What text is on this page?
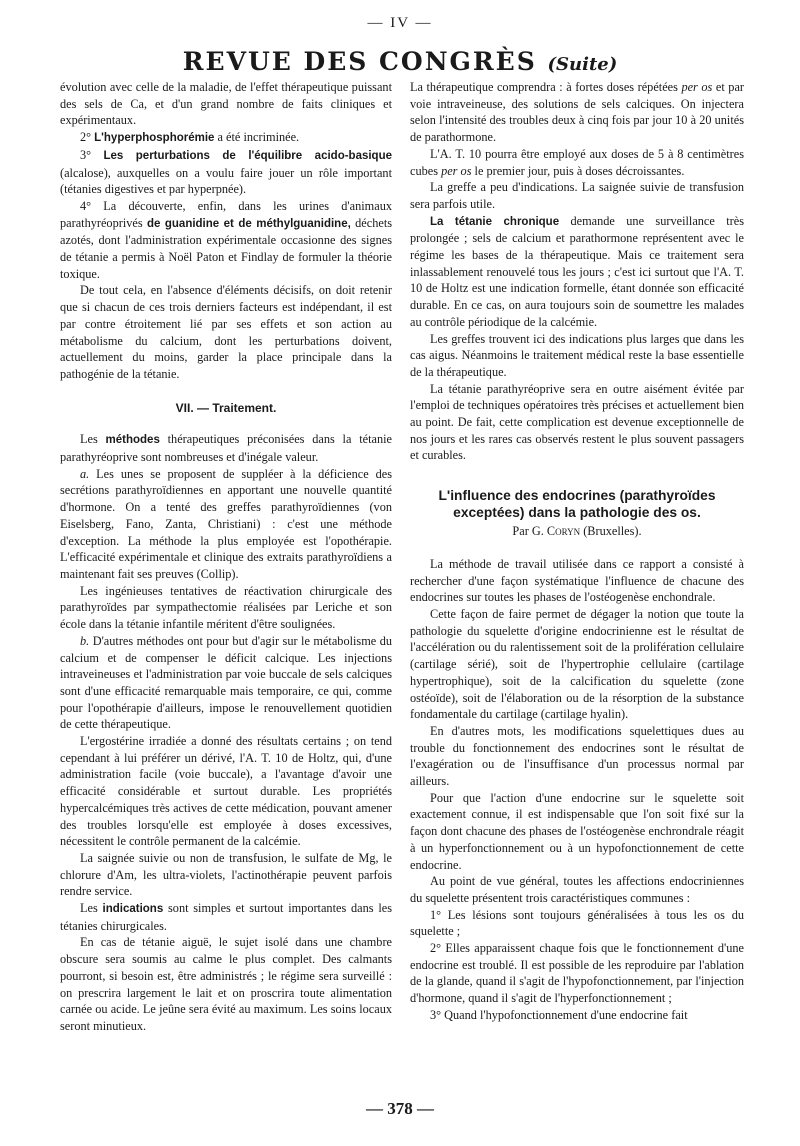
— IV —
REVUE DES CONGRÈS (Suite)

évolution avec celle de la maladie, de l'effet thérapeutique puissant des sels de Ca, et d'un grand nombre de faits cliniques et expérimentaux.

2° L'hyperphosphorémie a été incriminée.

3° Les perturbations de l'équilibre acido-basique (alcalose), auxquelles on a voulu faire jouer un rôle important (tétanies digestives et par hyperpnée).

4° La découverte, enfin, dans les urines d'animaux parathyréoprivés de guanidine et de méthylguanidine, déchets azotés, dont l'administration expérimentale occasionne des signes de tétanie a permis à Noël Paton et Findlay de formuler la théorie toxique.

De tout cela, en l'absence d'éléments décisifs, on doit retenir que si chacun de ces trois derniers facteurs est indépendant, il est par contre étroitement lié par ses effets et son action au métabolisme du calcium, dont les perturbations doivent, actuellement du moins, garder la place principale dans la pathogénie de la tétanie.

VII. — Traitement.

Les méthodes thérapeutiques préconisées dans la tétanie parathyréoprive sont nombreuses et d'inégale valeur.

a. Les unes se proposent de suppléer à la déficience des secrétions parathyroïdiennes en apportant une nouvelle quantité d'hormone. On a tenté des greffes parathyroïdiennes (von Eiselsberg, Fano, Zanta, Christiani) : c'est une méthode d'exception. La méthode la plus employée est l'opothérapie. L'efficacité expérimentale et clinique des extraits parathyroïdiens a maintenant fait ses preuves (Collip).

Les ingénieuses tentatives de réactivation chirurgicale des parathyroïdes par sympathectomie réalisées par Leriche et son école dans la tétanie infantile méritent d'être soulignées.

b. D'autres méthodes ont pour but d'agir sur le métabolisme du calcium et de compenser le déficit calcique. Les injections intraveineuses et l'administration par voie buccale de sels calciques sont d'une efficacité remarquable mais temporaire, ce qui, comme pour l'opothérapie d'ailleurs, impose le renouvellement quotidien de cette thérapeutique.

L'ergostérine irradiée a donné des résultats certains ; on tend cependant à lui préférer un dérivé, l'A. T. 10 de Holtz, qui, d'une administration facile (voie buccale), a l'avantage d'avoir une efficacité considérable et surtout durable. Les propriétés hypercalcémiques très actives de cette médication, pouvant amener des troubles lorsqu'elle est employée à doses excessives, nécessitent le contrôle permanent de la calcémie.

La saignée suivie ou non de transfusion, le sulfate de Mg, le chlorure d'Am, les ultra-violets, l'actinothérapie peuvent parfois rendre service.

Les indications sont simples et surtout importantes dans les tétanies chirurgicales.

En cas de tétanie aiguë, le sujet isolé dans une chambre obscure sera soumis au calme le plus complet. Des calmants pourront, si besoin est, être administrés ; le régime sera surveillé : on prescrira largement le lait et on proscrira toute alimentation carnée ou acide. Le jeûne sera évité au maximum. Les soins locaux seront minutieux.

La thérapeutique comprendra : à fortes doses répétées per os et par voie intraveineuse, des solutions de sels calciques. On injectera selon l'intensité des troubles deux à cinq fois par jour 10 à 20 unités de parathormone.

L'A. T. 10 pourra être employé aux doses de 5 à 8 centimètres cubes per os le premier jour, puis à doses décroissantes.

La greffe a peu d'indications. La saignée suivie de transfusion sera parfois utile.

La tétanie chronique demande une surveillance très prolongée ; sels de calcium et parathormone représentent avec le régime les bases de la thérapeutique. Mais ce traitement sera inlassablement renouvelé tous les jours ; c'est ici surtout que l'A. T. 10 de Holtz est une indication formelle, étant donnée son efficacité durable. En ce cas, on aura toujours soin de soumettre les malades au contrôle périodique de la calcémie.

Les greffes trouvent ici des indications plus larges que dans les cas aigus. Néanmoins le traitement médical reste la base essentielle de la thérapeutique.

La tétanie parathyréoprive sera en outre aisément évitée par l'emploi de techniques opératoires très précises et actuellement bien au point. De fait, cette complication est devenue exceptionnelle de nos jours et les rares cas observés restent le plus souvent passagers et curables.

L'influence des endocrines (parathyroïdes exceptées) dans la pathologie des os.

Par G. Coryn (Bruxelles).

La méthode de travail utilisée dans ce rapport a consisté à rechercher d'une façon systématique l'influence de chacune des endocrines sur toutes les phases de l'ostéogenèse enchondrale.

Cette façon de faire permet de dégager la notion que toute la pathologie du squelette d'origine endocrinienne est le résultat de l'accélération ou du ralentissement soit de la prolifération cellulaire (cartilage sérié), soit de l'hypertrophie cellulaire (cartilage hypertrophique), soit de la calcification du squelette (zone ostéoïde), soit de l'élaboration ou de la résorption de la substance fondamentale du cartilage (cartilage hyalin).

En d'autres mots, les modifications squelettiques dues au trouble du fonctionnement des endocrines sont le résultat de l'exagération ou de l'insuffisance d'un processus normal par ailleurs.

Pour que l'action d'une endocrine sur le squelette soit exactement connue, il est indispensable que l'on soit fixé sur la façon dont chacune des phases de l'ostéogenèse enchrondrale réagit à un hyperfonctionnement ou à un hypofonctionnement de cette endocrine.

Au point de vue général, toutes les affections endocriniennes du squelette présentent trois caractéristiques communes :

1° Les lésions sont toujours généralisées à tous les os du squelette ;

2° Elles apparaissent chaque fois que le fonctionnement d'une endocrine est troublé. Il est possible de les reproduire par l'ablation de la glande, quand il s'agit de l'hypofonctionnement, par l'injection d'hormone, quand il s'agit de l'hyperfonctionnement ;

3° Quand l'hypofonctionnement d'une endocrine fait

— 378 —
